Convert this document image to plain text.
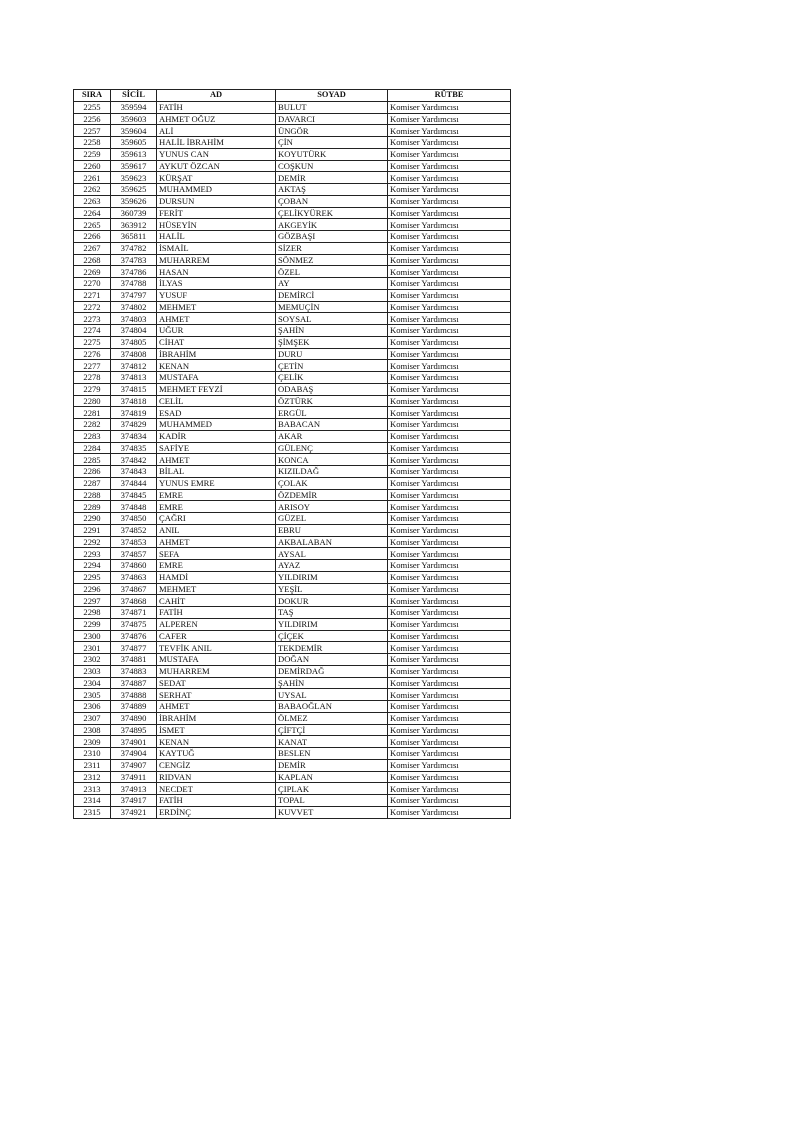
SIRA	SİCİL	AD	SOYAD	RÜTBE
2255	359594	FATİH	BULUT	Komiser Yardımcısı
2256	359603	AHMET OĞUZ	DAVARCI	Komiser Yardımcısı
2257	359604	ALİ	ÜNGÖR	Komiser Yardımcısı
2258	359605	HALİL İBRAHİM	ÇİN	Komiser Yardımcısı
2259	359613	YUNUS CAN	KOYUTÜRK	Komiser Yardımcısı
2260	359617	AYKUT ÖZCAN	COŞKUN	Komiser Yardımcısı
2261	359623	KÜRŞAT	DEMİR	Komiser Yardımcısı
2262	359625	MUHAMMED	AKTAŞ	Komiser Yardımcısı
2263	359626	DURSUN	ÇOBAN	Komiser Yardımcısı
2264	360739	FERİT	ÇELİKYÜREK	Komiser Yardımcısı
2265	363912	HÜSEYİN	AKGEYİK	Komiser Yardımcısı
2266	365811	HALİL	GÖZBAŞI	Komiser Yardımcısı
2267	374782	İSMAİL	SİZER	Komiser Yardımcısı
2268	374783	MUHARREM	SÖNMEZ	Komiser Yardımcısı
2269	374786	HASAN	ÖZEL	Komiser Yardımcısı
2270	374788	İLYAS	AY	Komiser Yardımcısı
2271	374797	YUSUF	DEMİRCİ	Komiser Yardımcısı
2272	374802	MEHMET	MEMUÇİN	Komiser Yardımcısı
2273	374803	AHMET	SOYSAL	Komiser Yardımcısı
2274	374804	UĞUR	ŞAHİN	Komiser Yardımcısı
2275	374805	CİHAT	ŞİMŞEK	Komiser Yardımcısı
2276	374808	İBRAHİM	DURU	Komiser Yardımcısı
2277	374812	KENAN	ÇETİN	Komiser Yardımcısı
2278	374813	MUSTAFA	ÇELİK	Komiser Yardımcısı
2279	374815	MEHMET FEYZİ	ODABAŞ	Komiser Yardımcısı
2280	374818	CELİL	ÖZTÜRK	Komiser Yardımcısı
2281	374819	ESAD	ERGÜL	Komiser Yardımcısı
2282	374829	MUHAMMED	BABACAN	Komiser Yardımcısı
2283	374834	KADİR	AKAR	Komiser Yardımcısı
2284	374835	SAFİYE	GÜLENÇ	Komiser Yardımcısı
2285	374842	AHMET	KONCA	Komiser Yardımcısı
2286	374843	BİLAL	KIZILDAĞ	Komiser Yardımcısı
2287	374844	YUNUS EMRE	ÇOLAK	Komiser Yardımcısı
2288	374845	EMRE	ÖZDEMİR	Komiser Yardımcısı
2289	374848	EMRE	ARISOY	Komiser Yardımcısı
2290	374850	ÇAĞRI	GÜZEL	Komiser Yardımcısı
2291	374852	ANIL	EBRU	Komiser Yardımcısı
2292	374853	AHMET	AKBALABAN	Komiser Yardımcısı
2293	374857	SEFA	AYSAL	Komiser Yardımcısı
2294	374860	EMRE	AYAZ	Komiser Yardımcısı
2295	374863	HAMDİ	YILDIRIM	Komiser Yardımcısı
2296	374867	MEHMET	YEŞİL	Komiser Yardımcısı
2297	374868	CAHİT	DOKUR	Komiser Yardımcısı
2298	374871	FATİH	TAŞ	Komiser Yardımcısı
2299	374875	ALPEREN	YILDIRIM	Komiser Yardımcısı
2300	374876	CAFER	ÇİÇEK	Komiser Yardımcısı
2301	374877	TEVFİK ANIL	TEKDEMİR	Komiser Yardımcısı
2302	374881	MUSTAFA	DOĞAN	Komiser Yardımcısı
2303	374883	MUHARREM	DEMİRDAĞ	Komiser Yardımcısı
2304	374887	SEDAT	ŞAHİN	Komiser Yardımcısı
2305	374888	SERHAT	UYSAL	Komiser Yardımcısı
2306	374889	AHMET	BABAOĞLAN	Komiser Yardımcısı
2307	374890	İBRAHİM	ÖLMEZ	Komiser Yardımcısı
2308	374895	İSMET	ÇİFTÇİ	Komiser Yardımcısı
2309	374901	KENAN	KANAT	Komiser Yardımcısı
2310	374904	KAYTUĞ	BESLEN	Komiser Yardımcısı
2311	374907	CENGİZ	DEMİR	Komiser Yardımcısı
2312	374911	RIDVAN	KAPLAN	Komiser Yardımcısı
2313	374913	NECDET	ÇIPLAK	Komiser Yardımcısı
2314	374917	FATİH	TOPAL	Komiser Yardımcısı
2315	374921	ERDİNÇ	KUVVET	Komiser Yardımcısı
